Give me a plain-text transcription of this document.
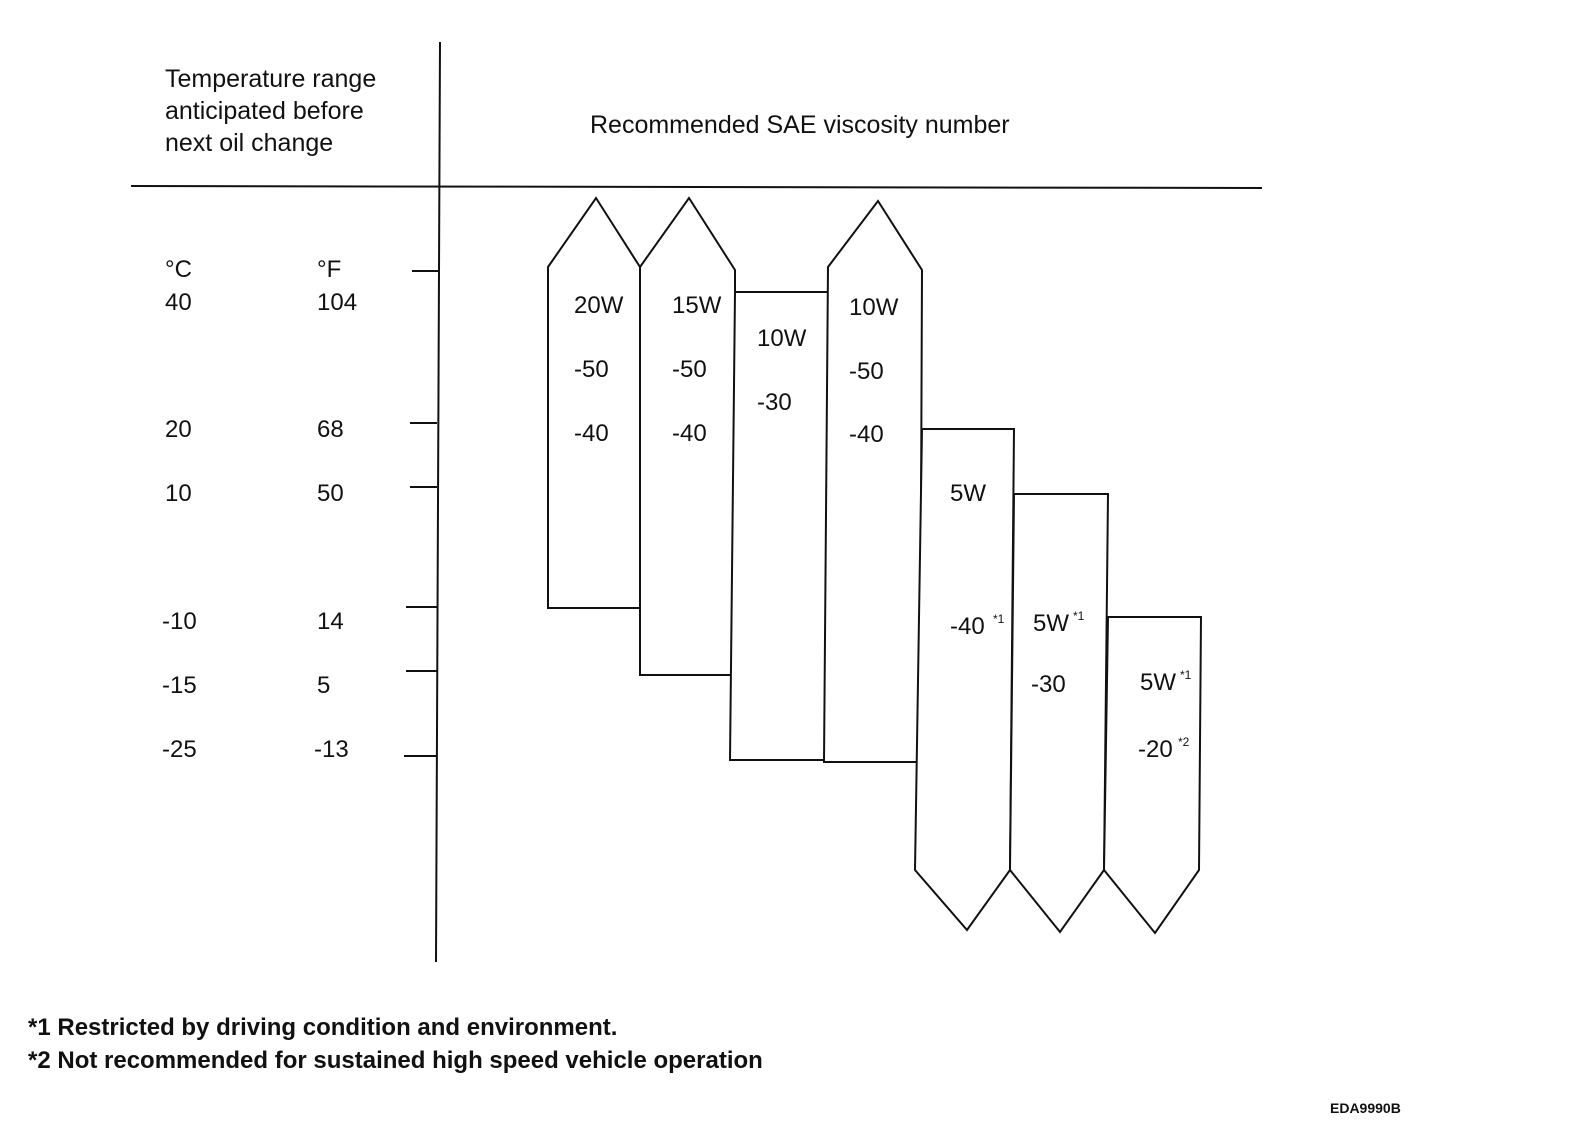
Temperature range
anticipated before
next oil change
Recommended SAE viscosity number
°C	°F
40	104
20	68
10	50
-10	14
-15	5
-25	-13
20W
-50
-40
15W
-50
-40
10W
-30
10W
-50
-40
5W
-40 *1 5W *1
-30	5W *1
-20 *2
*1 Restricted by driving condition and environment.
*2 Not recommended for sustained high speed vehicle operation
EDA9990B
